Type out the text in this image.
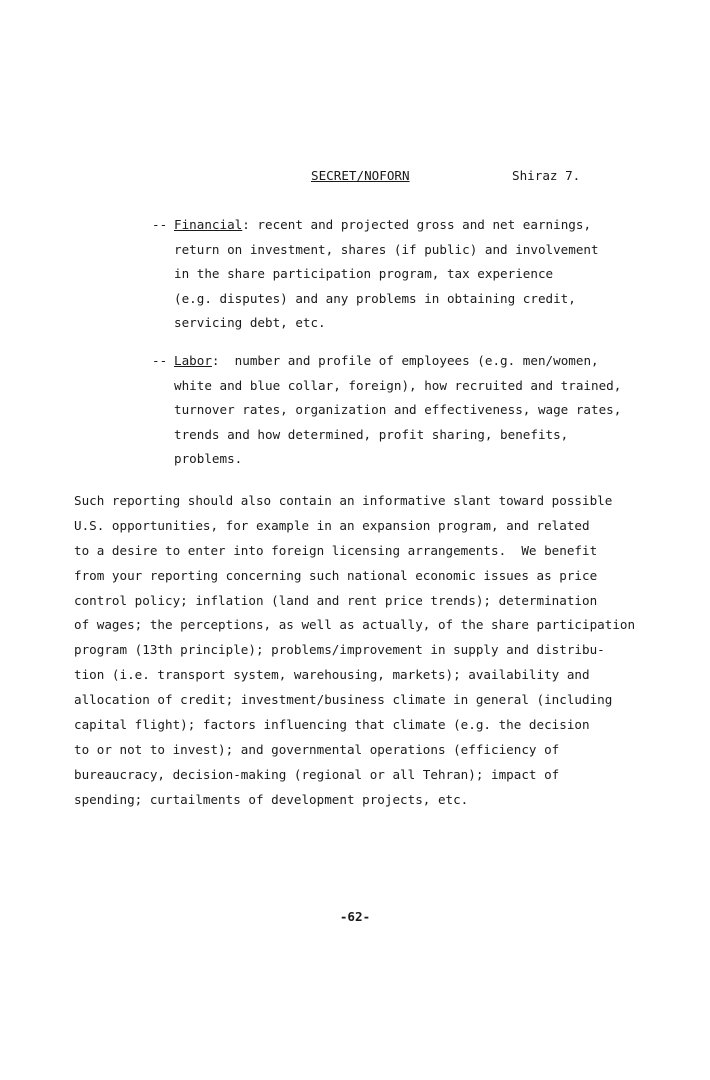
SECRET/NOFORN	Shiraz 7.
-- Financial: recent and projected gross and net earnings,
return on investment, shares (if public) and involvement
in the share participation program, tax experience
(e.g. disputes) and any problems in obtaining credit,
servicing debt, etc.
-- Labor:  number and profile of employees (e.g. men/women,
white and blue collar, foreign), how recruited and trained,
turnover rates, organization and effectiveness, wage rates,
trends and how determined, profit sharing, benefits,
problems.
Such reporting should also contain an informative slant toward possible
U.S. opportunities, for example in an expansion program, and related
to a desire to enter into foreign licensing arrangements.  We benefit
from your reporting concerning such national economic issues as price
control policy; inflation (land and rent price trends); determination
of wages; the perceptions, as well as actually, of the share participation
program (13th principle); problems/improvement in supply and distribu-
tion (i.e. transport system, warehousing, markets); availability and
allocation of credit; investment/business climate in general (including
capital flight); factors influencing that climate (e.g. the decision
to or not to invest); and governmental operations (efficiency of
bureaucracy, decision-making (regional or all Tehran); impact of
spending; curtailments of development projects, etc.
-62-
